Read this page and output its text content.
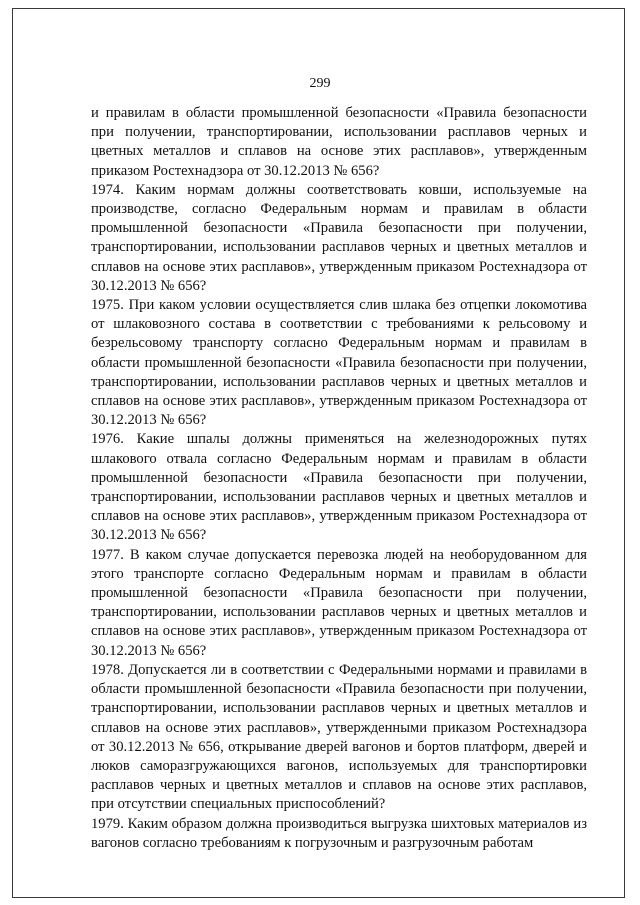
299

и правилам в области промышленной безопасности «Правила безопасности при получении, транспортировании, использовании расплавов черных и цветных металлов и сплавов на основе этих расплавов», утвержденным приказом Ростехнадзора от 30.12.2013 № 656?

1974. Каким нормам должны соответствовать ковши, используемые на производстве, согласно Федеральным нормам и правилам в области промышленной безопасности «Правила безопасности при получении, транспортировании, использовании расплавов черных и цветных металлов и сплавов на основе этих расплавов», утвержденным приказом Ростехнадзора от 30.12.2013 № 656?

1975. При каком условии осуществляется слив шлака без отцепки локомотива от шлаковозного состава в соответствии с требованиями к рельсовому и безрельсовому транспорту согласно Федеральным нормам и правилам в области промышленной безопасности «Правила безопасности при получении, транспортировании, использовании расплавов черных и цветных металлов и сплавов на основе этих расплавов», утвержденным приказом Ростехнадзора от 30.12.2013 № 656?

1976. Какие шпалы должны применяться на железнодорожных путях шлакового отвала согласно Федеральным нормам и правилам в области промышленной безопасности «Правила безопасности при получении, транспортировании, использовании расплавов черных и цветных металлов и сплавов на основе этих расплавов», утвержденным приказом Ростехнадзора от 30.12.2013 № 656?

1977. В каком случае допускается перевозка людей на необорудованном для этого транспорте согласно Федеральным нормам и правилам в области промышленной безопасности «Правила безопасности при получении, транспортировании, использовании расплавов черных и цветных металлов и сплавов на основе этих расплавов», утвержденным приказом Ростехнадзора от 30.12.2013 № 656?

1978. Допускается ли в соответствии с Федеральными нормами и правилами в области промышленной безопасности «Правила безопасности при получении, транспортировании, использовании расплавов черных и цветных металлов и сплавов на основе этих расплавов», утвержденными приказом Ростехнадзора от 30.12.2013 № 656, открывание дверей вагонов и бортов платформ, дверей и люков саморазгружающихся вагонов, используемых для транспортировки расплавов черных и цветных металлов и сплавов на основе этих расплавов, при отсутствии специальных приспособлений?

1979. Каким образом должна производиться выгрузка шихтовых материалов из вагонов согласно требованиям к погрузочным и разгрузочным работам
